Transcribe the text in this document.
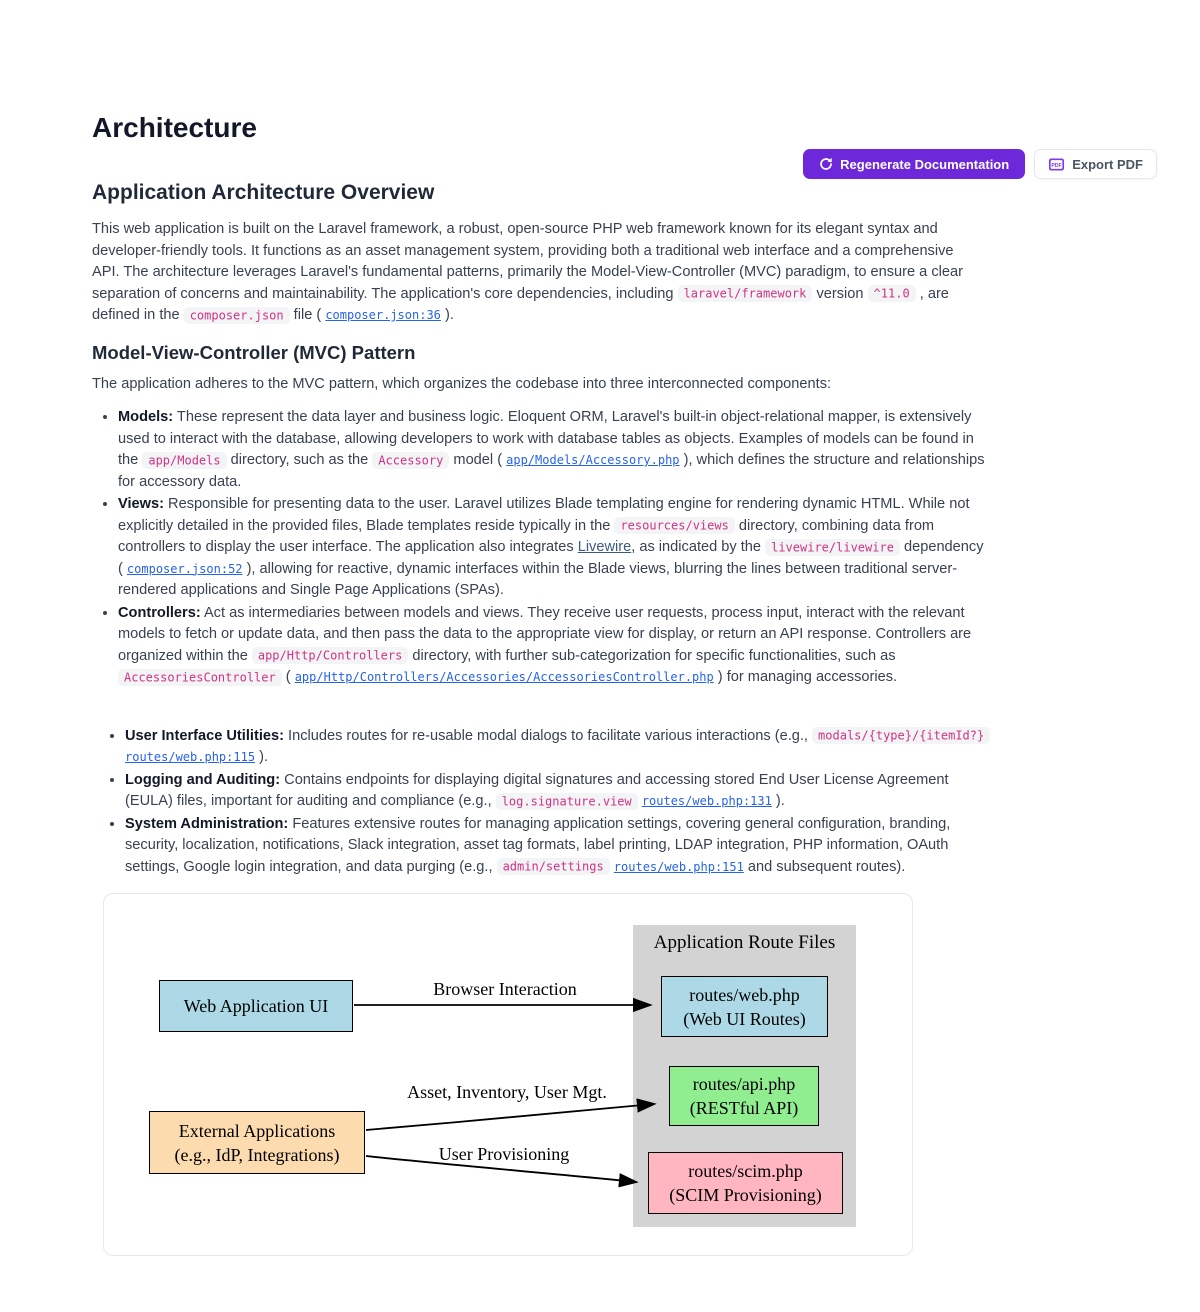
Regenerate Documentation	PDF Export PDF
Architecture
Application Architecture Overview

This web application is built on the Laravel framework, a robust, open-source PHP web framework known for its elegant syntax and developer-friendly tools. It functions as an asset management system, providing both a traditional web interface and a comprehensive API. The architecture leverages Laravel's fundamental patterns, primarily the Model-View-Controller (MVC) paradigm, to ensure a clear separation of concerns and maintainability. The application's core dependencies, including laravel/framework version ^11.0 , are defined in the composer.json file ( composer.json:36 ).

Model-View-Controller (MVC) Pattern

The application adheres to the MVC pattern, which organizes the codebase into three interconnected components:

• Models: These represent the data layer and business logic. Eloquent ORM, Laravel's built-in object-relational mapper, is extensively used to interact with the database, allowing developers to work with database tables as objects. Examples of models can be found in the app/Models directory, such as the Accessory model ( app/Models/Accessory.php ), which defines the structure and relationships for accessory data.
• Views: Responsible for presenting data to the user. Laravel utilizes Blade templating engine for rendering dynamic HTML. While not explicitly detailed in the provided files, Blade templates reside typically in the resources/views directory, combining data from controllers to display the user interface. The application also integrates Livewire, as indicated by the livewire/livewire dependency ( composer.json:52 ), allowing for reactive, dynamic interfaces within the Blade views, blurring the lines between traditional server-rendered applications and Single Page Applications (SPAs).
• Controllers: Act as intermediaries between models and views. They receive user requests, process input, interact with the relevant models to fetch or update data, and then pass the data to the appropriate view for display, or return an API response. Controllers are organized within the app/Http/Controllers directory, with further sub-categorization for specific functionalities, such as AccessoriesController ( app/Http/Controllers/Accessories/AccessoriesController.php ) for managing accessories.
• User Interface Utilities: Includes routes for re-usable modal dialogs to facilitate various interactions (e.g., modals/{type}/{itemId?} routes/web.php:115 ).
• Logging and Auditing: Contains endpoints for displaying digital signatures and accessing stored End User License Agreement (EULA) files, important for auditing and compliance (e.g., log.signature.view routes/web.php:131 ).
• System Administration: Features extensive routes for managing application settings, covering general configuration, branding, security, localization, notifications, Slack integration, asset tag formats, label printing, LDAP integration, PHP information, OAuth settings, Google login integration, and data purging (e.g., admin/settings routes/web.php:151 and subsequent routes).
Application Route Files
Web Application UI
External Applications
(e.g., IdP, Integrations)
routes/web.php
(Web UI Routes)
routes/api.php
(RESTful API)
routes/scim.php
(SCIM Provisioning)
Browser Interaction
Asset, Inventory, User Mgt.
User Provisioning
